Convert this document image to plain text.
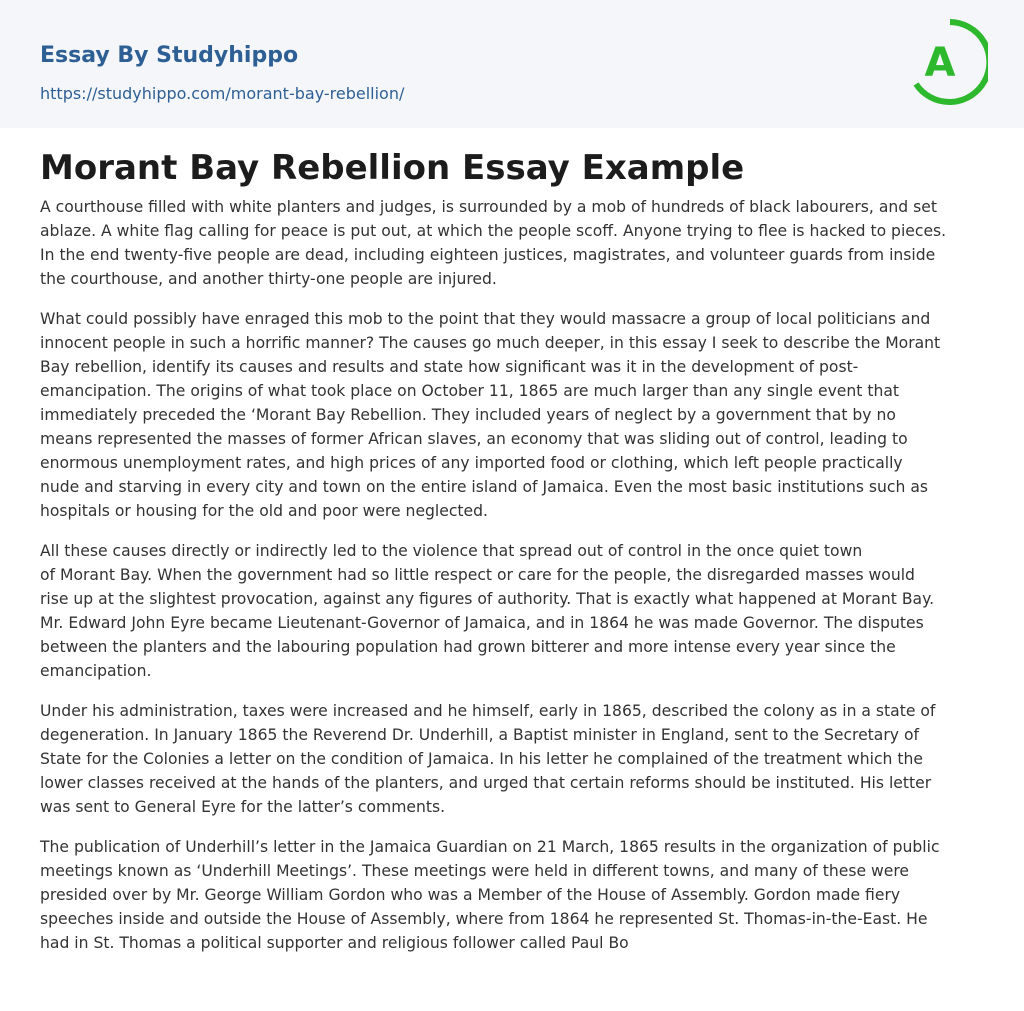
Essay By Studyhippo
https://studyhippo.com/morant-bay-rebellion/
A
Morant Bay Rebellion Essay Example

A courthouse filled with white planters and judges, is surrounded by a mob of hundreds of black labourers, and set
ablaze. A white flag calling for peace is put out, at which the people scoff. Anyone trying to flee is hacked to pieces.
In the end twenty-five people are dead, including eighteen justices, magistrates, and volunteer guards from inside
the courthouse, and another thirty-one people are injured.

What could possibly have enraged this mob to the point that they would massacre a group of local politicians and
innocent people in such a horrific manner? The causes go much deeper, in this essay I seek to describe the Morant
Bay rebellion, identify its causes and results and state how significant was it in the development of post-
emancipation. The origins of what took place on October 11, 1865 are much larger than any single event that
immediately preceded the ‘Morant Bay Rebellion. They included years of neglect by a government that by no
means represented the masses of former African slaves, an economy that was sliding out of control, leading to
enormous unemployment rates, and high prices of any imported food or clothing, which left people practically
nude and starving in every city and town on the entire island of Jamaica. Even the most basic institutions such as
hospitals or housing for the old and poor were neglected.

All these causes directly or indirectly led to the violence that spread out of control in the once quiet town
of Morant Bay. When the government had so little respect or care for the people, the disregarded masses would
rise up at the slightest provocation, against any figures of authority. That is exactly what happened at Morant Bay.
Mr. Edward John Eyre became Lieutenant-Governor of Jamaica, and in 1864 he was made Governor. The disputes
between the planters and the labouring population had grown bitterer and more intense every year since the
emancipation.

Under his administration, taxes were increased and he himself, early in 1865, described the colony as in a state of
degeneration. In January 1865 the Reverend Dr. Underhill, a Baptist minister in England, sent to the Secretary of
State for the Colonies a letter on the condition of Jamaica. In his letter he complained of the treatment which the
lower classes received at the hands of the planters, and urged that certain reforms should be instituted. His letter
was sent to General Eyre for the latter’s comments.

The publication of Underhill’s letter in the Jamaica Guardian on 21 March, 1865 results in the organization of public
meetings known as ‘Underhill Meetings’. These meetings were held in different towns, and many of these were
presided over by Mr. George William Gordon who was a Member of the House of Assembly. Gordon made fiery
speeches inside and outside the House of Assembly, where from 1864 he represented St. Thomas-in-the-East. He
had in St. Thomas a political supporter and religious follower called Paul Bo
